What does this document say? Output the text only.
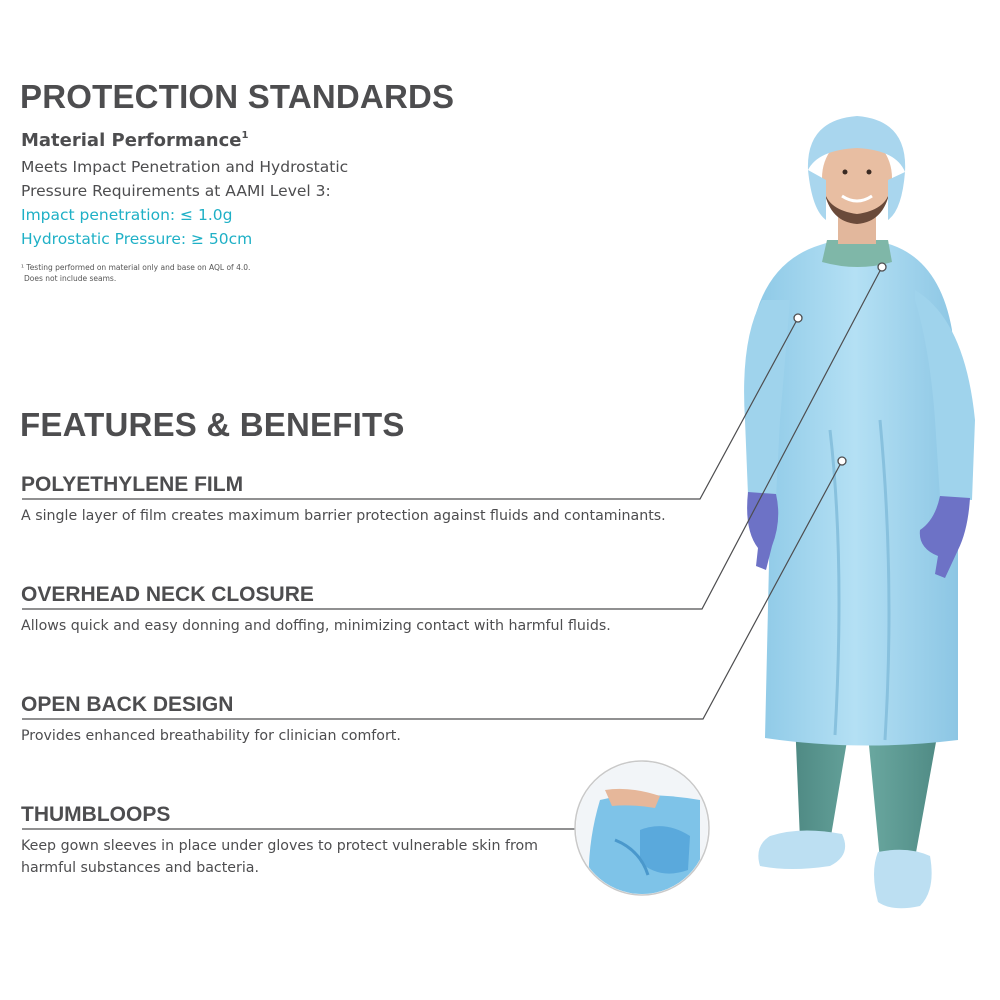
PROTECTION STANDARDS
Material Performance$^1$
Meets Impact Penetration and Hydrostatic
Pressure Requirements at AAMI Level 3:
Impact penetration: ≤ 1.0g
Hydrostatic Pressure: ≥ 50cm
¹ Testing performed on material only and base on AQL of 4.0.
Does not include seams.
FEATURES & BENEFITS
POLYETHYLENE FILM
A single layer of film creates maximum barrier protection against fluids and contaminants.
OVERHEAD NECK CLOSURE
Allows quick and easy donning and doffing, minimizing contact with harmful fluids.
OPEN BACK DESIGN
Provides enhanced breathability for clinician comfort.
THUMBLOOPS
Keep gown sleeves in place under gloves to protect vulnerable skin from
harmful substances and bacteria.
